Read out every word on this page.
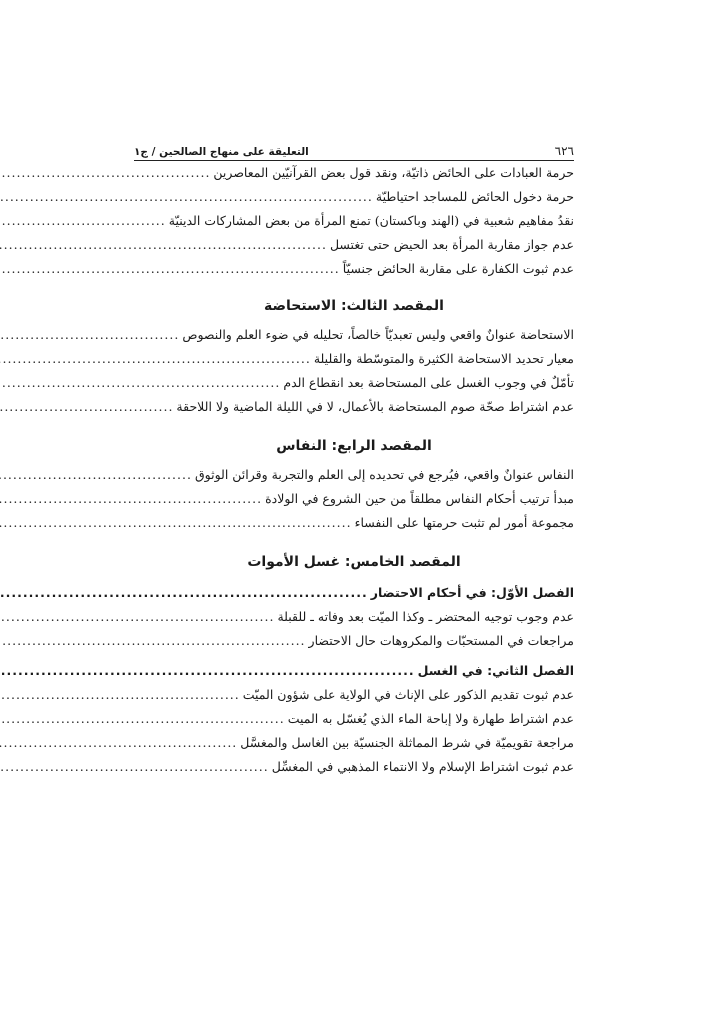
٦٢٦
التعليقة على منهاج الصالحين / ج١
حرمة العبادات على الحائض ذاتيّة، ونقد قول بعض القرآنيّين المعاصرين
.....
حرمة دخول الحائض للمساجد احتياطيّة
.....
نقدُ مفاهيم شعبية في (الهند وباكستان) تمنع المرأة من بعض المشاركات الدينيّة
.....
عدم جواز مقاربة المرأة بعد الحيض حتى تغتسل
.....
عدم ثبوت الكفارة على مقاربة الحائض جنسيّاً
.....
المقصد الثالث: الاستحاضة
الاستحاضة عنوانٌ واقعي وليس تعبديّاً خالصاً، تحليله في ضوء العلم والنصوص
.....
معيار تحديد الاستحاضة الكثيرة والمتوسّطة والقليلة
.....
تأمّلٌ في وجوب الغسل على المستحاضة بعد انقطاع الدم
.....
عدم اشتراط صحّة صوم المستحاضة بالأعمال، لا في الليلة الماضية ولا اللاحقة
.....
المقصد الرابع: النفاس
النفاس عنوانٌ واقعي، فيُرجع في تحديده إلى العلم والتجربة وقرائن الوثوق
.....
مبدأ ترتيب أحكام النفاس مطلقاً من حين الشروع في الولادة
.....
مجموعة أمور لم تثبت حرمتها على النفساء
.....
المقصد الخامس: غسل الأموات
الفصل الأوّل: في أحكام الاحتضار
.....
عدم وجوب توجيه المحتضر ـ وكذا الميّت بعد وفاته ـ للقبلة
.....
مراجعات في المستحبّات والمكروهات حال الاحتضار
.....
الفصل الثاني: في الغسل
.....
عدم ثبوت تقديم الذكور على الإناث في الولاية على شؤون الميّت
.....
عدم اشتراط طهارة ولا إباحة الماء الذي يُغسّل به الميت
.....
مراجعة تقويميّة في شرط المماثلة الجنسيّة بين الغاسل والمغسَّل
.....
عدم ثبوت اشتراط الإسلام ولا الانتماء المذهبي في المغسِّل
.....
